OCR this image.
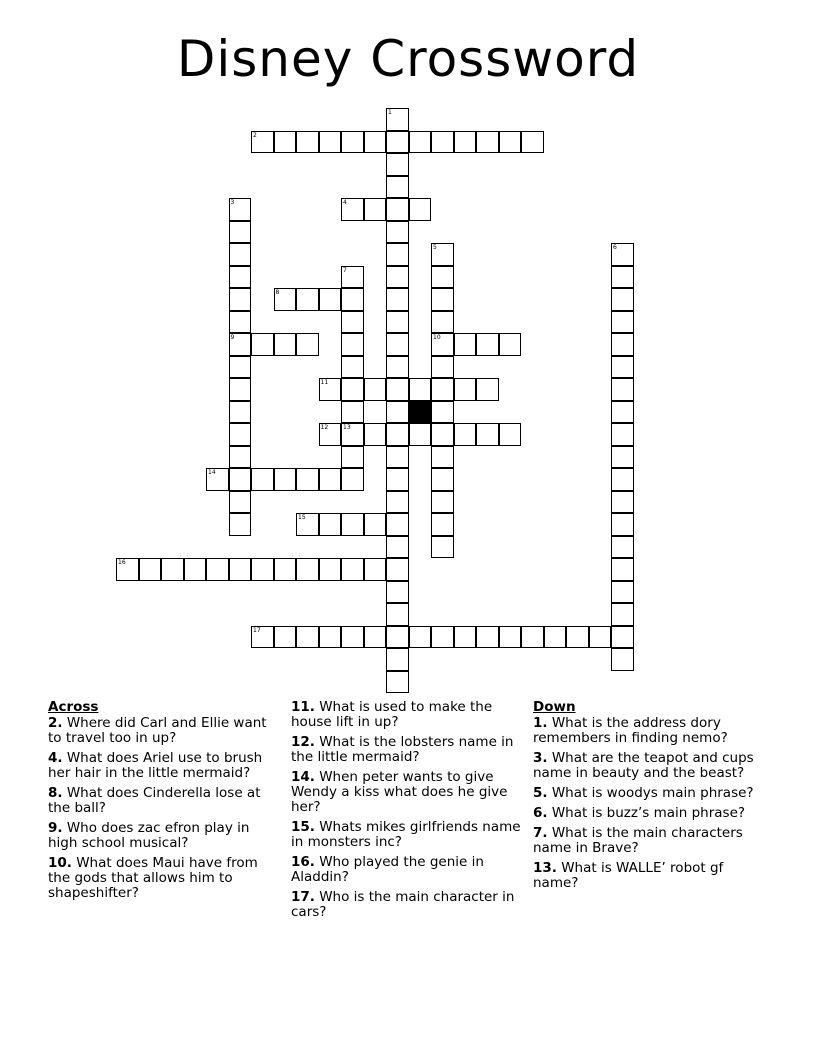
Disney Crossword
1
2
3
9
4
5
10
6
7
13
8
11
12
14
15
16
17
Across
2. Where did Carl and Ellie want to travel too in up?
4. What does Ariel use to brush her hair in the little mermaid?
8. What does Cinderella lose at the ball?
9. Who does zac efron play in high school musical?
10. What does Maui have from the gods that allows him to shapeshifter?
11. What is used to make the house lift in up?
12. What is the lobsters name in the little mermaid?
14. When peter wants to give Wendy a kiss what does he give her?
15. Whats mikes girlfriends name in monsters inc?
16. Who played the genie in Aladdin?
17. Who is the main character in cars?
Down
1. What is the address dory remembers in finding nemo?
3. What are the teapot and cups name in beauty and the beast?
5. What is woodys main phrase?
6. What is buzz’s main phrase?
7. What is the main characters name in Brave?
13. What is WALLE’ robot gf name?
